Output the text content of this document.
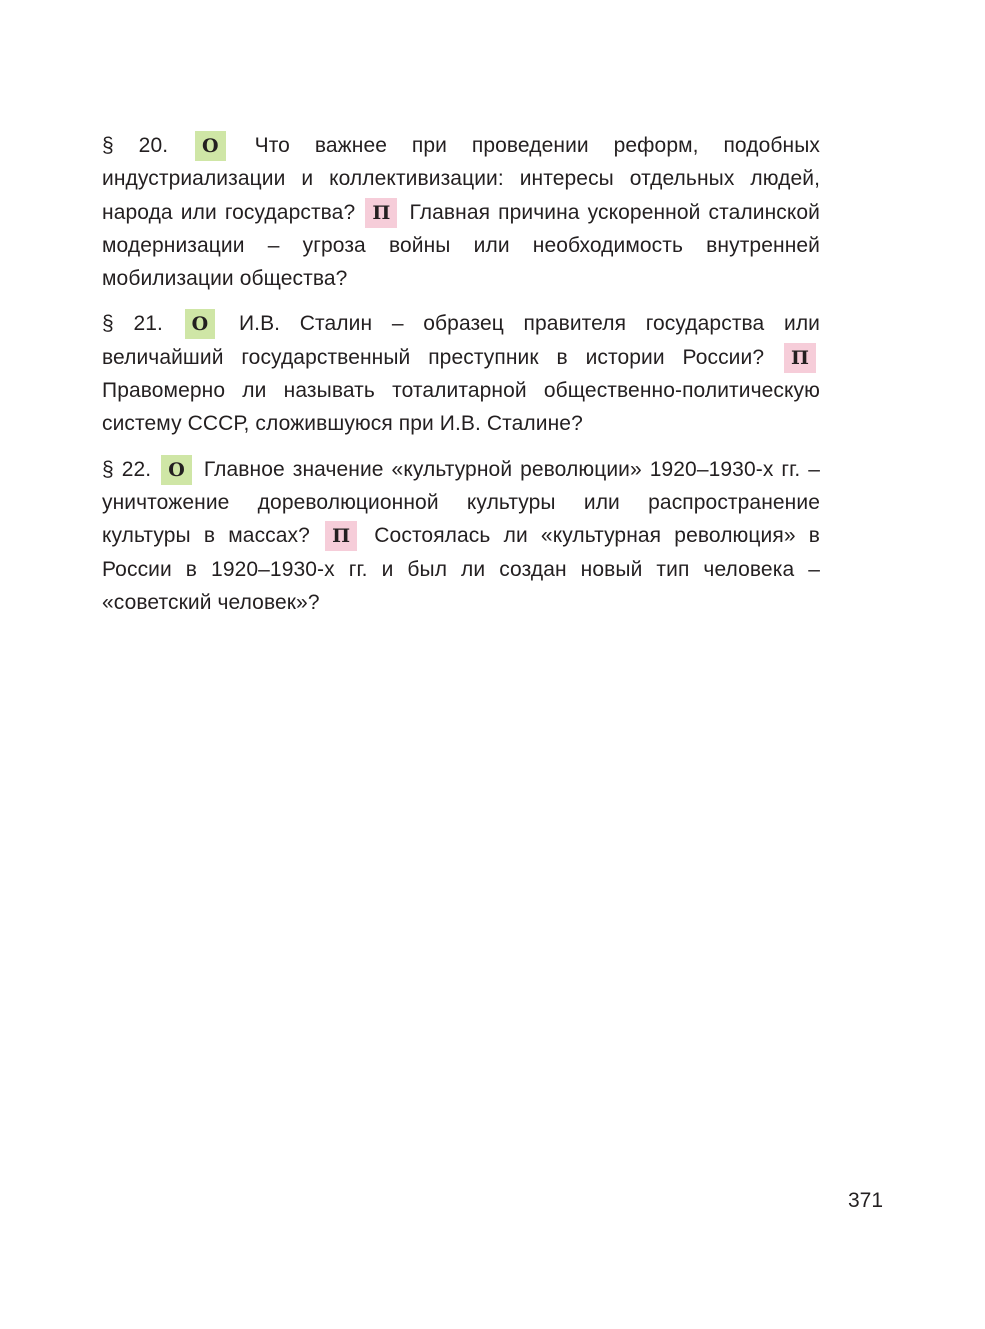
§ 20. О Что важнее при проведении реформ, подобных индустриализации и коллективизации: интересы отдельных людей, народа или государства? П Главная причина ускоренной сталинской модернизации – угроза войны или необходимость внутренней мобилизации общества?

§ 21. О И.В. Сталин – образец правителя государства или величайший государственный преступник в истории России? П Правомерно ли называть тоталитарной общественно-политическую систему СССР, сложившуюся при И.В. Сталине?

§ 22. О Главное значение «культурной революции» 1920–1930-х гг. – уничтожение дореволюционной культуры или распространение культуры в массах? П Состоялась ли «культурная революция» в России в 1920–1930-х гг. и был ли создан новый тип человека – «советский человек»?

371
